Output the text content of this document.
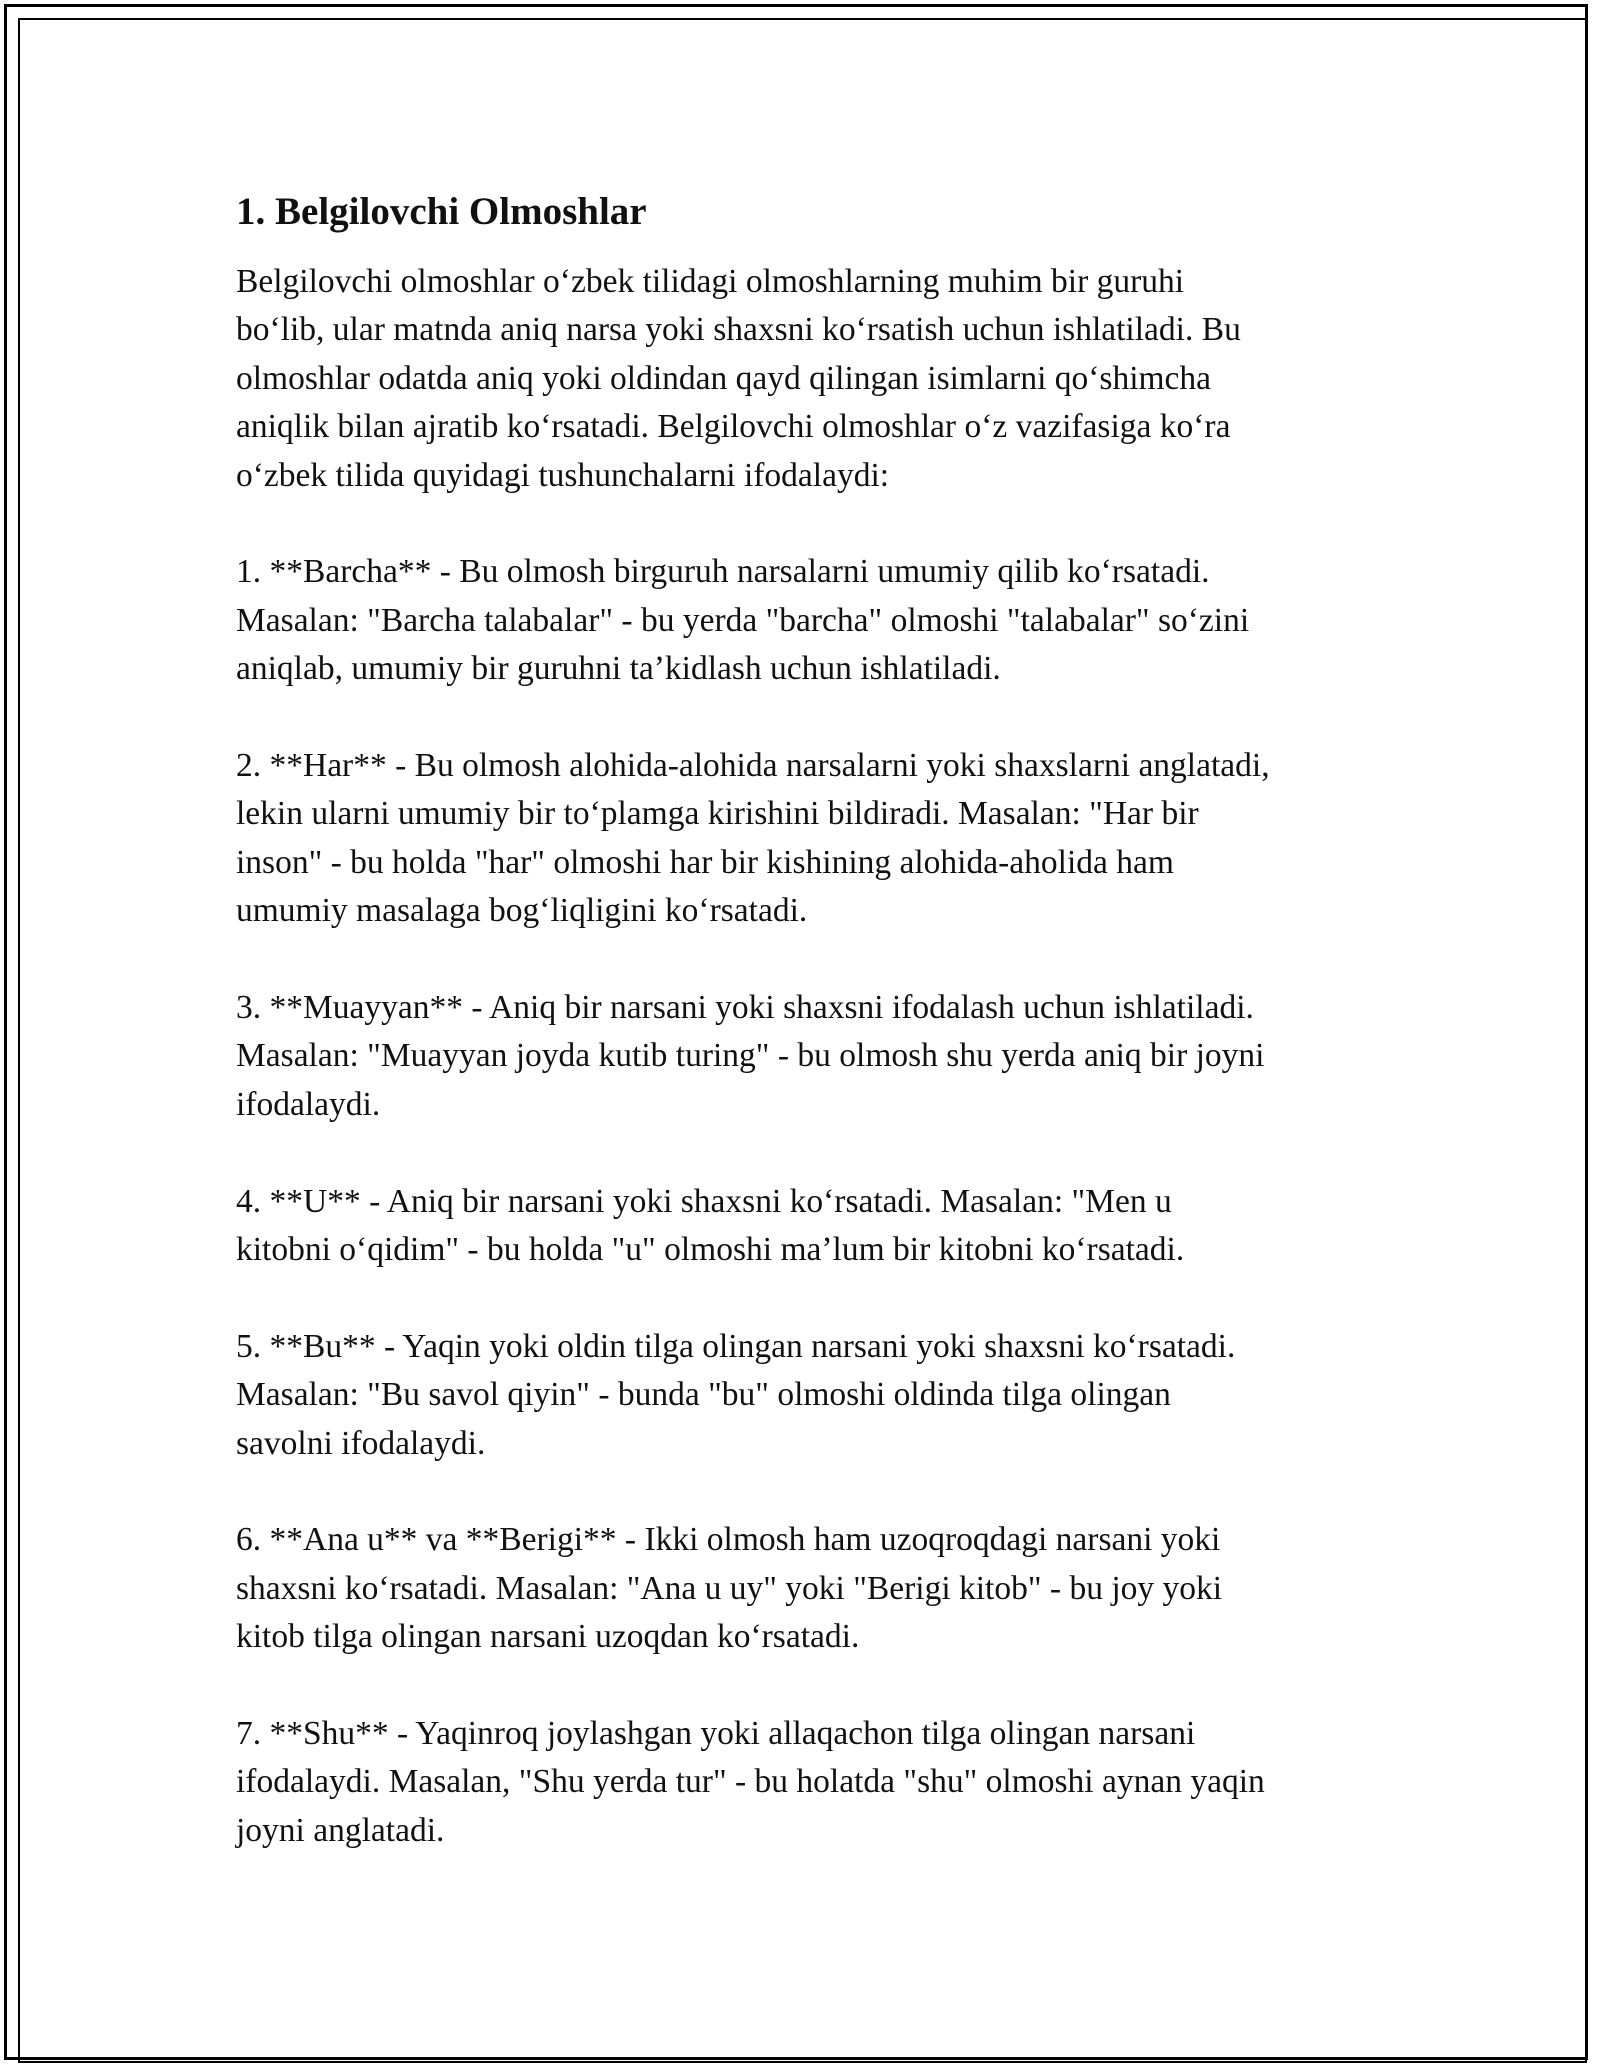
1. Belgilovchi Olmoshlar

Belgilovchi olmoshlar oʻzbek tilidagi olmoshlarning muhim bir guruhi
boʻlib, ular matnda aniq narsa yoki shaxsni koʻrsatish uchun ishlatiladi. Bu
olmoshlar odatda aniq yoki oldindan qayd qilingan isimlarni qoʻshimcha
aniqlik bilan ajratib koʻrsatadi. Belgilovchi olmoshlar oʻz vazifasiga koʻra
oʻzbek tilida quyidagi tushunchalarni ifodalaydi:

1. **Barcha** - Bu olmosh birguruh narsalarni umumiy qilib koʻrsatadi.
Masalan: "Barcha talabalar" - bu yerda "barcha" olmoshi "talabalar" soʻzini
aniqlab, umumiy bir guruhni taʼkidlash uchun ishlatiladi.

2. **Har** - Bu olmosh alohida-alohida narsalarni yoki shaxslarni anglatadi,
lekin ularni umumiy bir toʻplamga kirishini bildiradi. Masalan: "Har bir
inson" - bu holda "har" olmoshi har bir kishining alohida-aholida ham
umumiy masalaga bogʻliqligini koʻrsatadi.

3. **Muayyan** - Aniq bir narsani yoki shaxsni ifodalash uchun ishlatiladi.
Masalan: "Muayyan joyda kutib turing" - bu olmosh shu yerda aniq bir joyni
ifodalaydi.

4. **U** - Aniq bir narsani yoki shaxsni koʻrsatadi. Masalan: "Men u
kitobni oʻqidim" - bu holda "u" olmoshi maʼlum bir kitobni koʻrsatadi.

5. **Bu** - Yaqin yoki oldin tilga olingan narsani yoki shaxsni koʻrsatadi.
Masalan: "Bu savol qiyin" - bunda "bu" olmoshi oldinda tilga olingan
savolni ifodalaydi.

6. **Ana u** va **Berigi** - Ikki olmosh ham uzoqroqdagi narsani yoki
shaxsni koʻrsatadi. Masalan: "Ana u uy" yoki "Berigi kitob" - bu joy yoki
kitob tilga olingan narsani uzoqdan koʻrsatadi.

7. **Shu** - Yaqinroq joylashgan yoki allaqachon tilga olingan narsani
ifodalaydi. Masalan, "Shu yerda tur" - bu holatda "shu" olmoshi aynan yaqin
joyni anglatadi.
